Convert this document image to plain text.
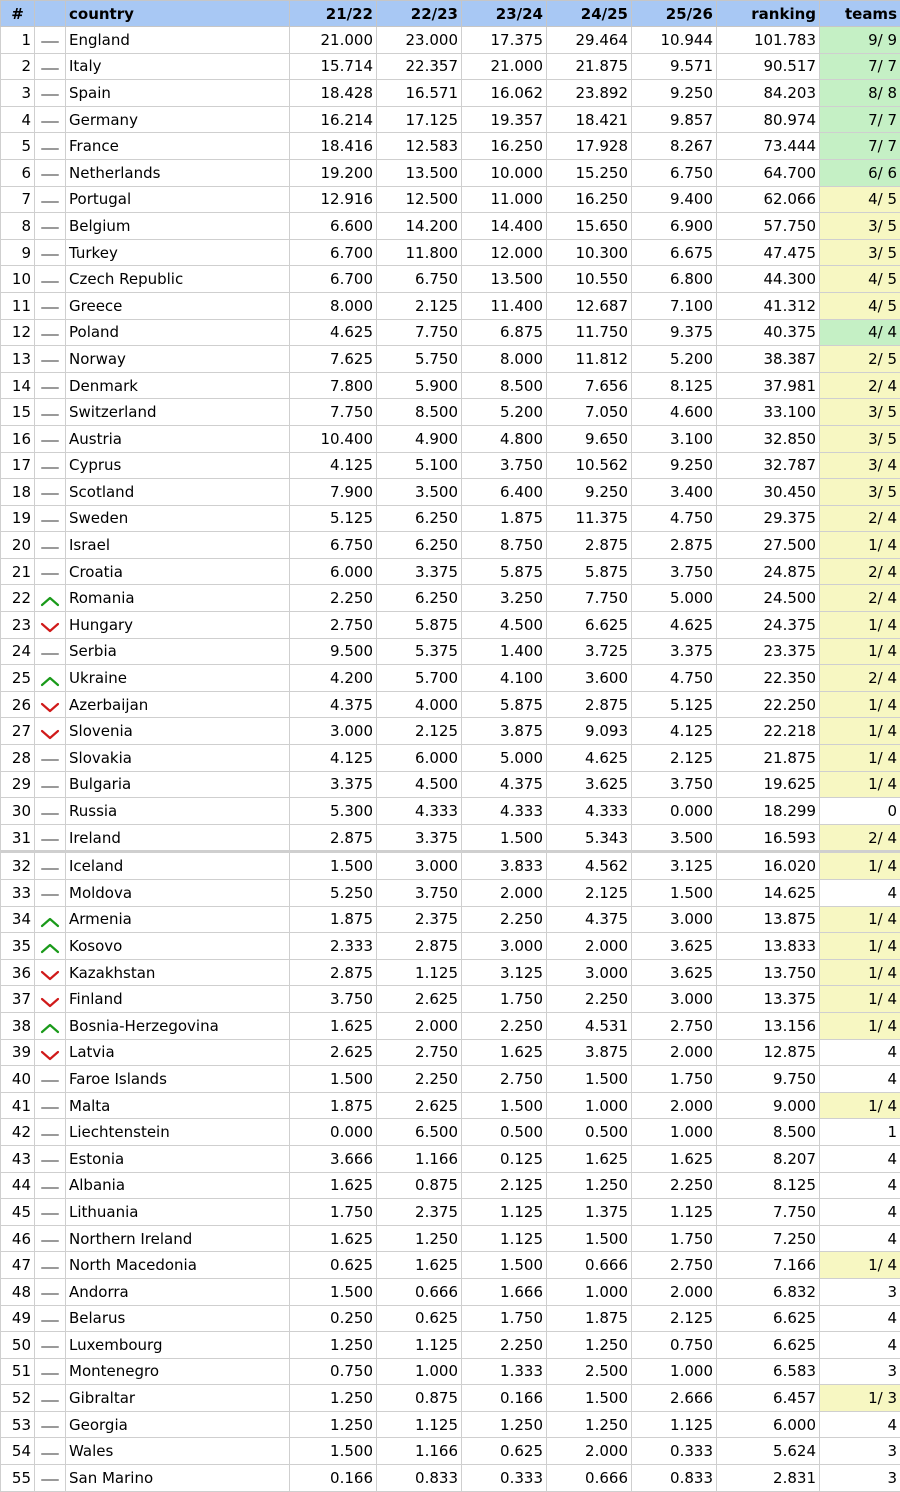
#		country	21/22	22/23	23/24	24/25	25/26	ranking	teams
1		England	21.000	23.000	17.375	29.464	10.944	101.783	9/ 9
2		Italy	15.714	22.357	21.000	21.875	9.571	90.517	7/ 7
3		Spain	18.428	16.571	16.062	23.892	9.250	84.203	8/ 8
4		Germany	16.214	17.125	19.357	18.421	9.857	80.974	7/ 7
5		France	18.416	12.583	16.250	17.928	8.267	73.444	7/ 7
6		Netherlands	19.200	13.500	10.000	15.250	6.750	64.700	6/ 6
7		Portugal	12.916	12.500	11.000	16.250	9.400	62.066	4/ 5
8		Belgium	6.600	14.200	14.400	15.650	6.900	57.750	3/ 5
9		Turkey	6.700	11.800	12.000	10.300	6.675	47.475	3/ 5
10		Czech Republic	6.700	6.750	13.500	10.550	6.800	44.300	4/ 5
11		Greece	8.000	2.125	11.400	12.687	7.100	41.312	4/ 5
12		Poland	4.625	7.750	6.875	11.750	9.375	40.375	4/ 4
13		Norway	7.625	5.750	8.000	11.812	5.200	38.387	2/ 5
14		Denmark	7.800	5.900	8.500	7.656	8.125	37.981	2/ 4
15		Switzerland	7.750	8.500	5.200	7.050	4.600	33.100	3/ 5
16		Austria	10.400	4.900	4.800	9.650	3.100	32.850	3/ 5
17		Cyprus	4.125	5.100	3.750	10.562	9.250	32.787	3/ 4
18		Scotland	7.900	3.500	6.400	9.250	3.400	30.450	3/ 5
19		Sweden	5.125	6.250	1.875	11.375	4.750	29.375	2/ 4
20		Israel	6.750	6.250	8.750	2.875	2.875	27.500	1/ 4
21		Croatia	6.000	3.375	5.875	5.875	3.750	24.875	2/ 4
22		Romania	2.250	6.250	3.250	7.750	5.000	24.500	2/ 4
23		Hungary	2.750	5.875	4.500	6.625	4.625	24.375	1/ 4
24		Serbia	9.500	5.375	1.400	3.725	3.375	23.375	1/ 4
25		Ukraine	4.200	5.700	4.100	3.600	4.750	22.350	2/ 4
26		Azerbaijan	4.375	4.000	5.875	2.875	5.125	22.250	1/ 4
27		Slovenia	3.000	2.125	3.875	9.093	4.125	22.218	1/ 4
28		Slovakia	4.125	6.000	5.000	4.625	2.125	21.875	1/ 4
29		Bulgaria	3.375	4.500	4.375	3.625	3.750	19.625	1/ 4
30		Russia	5.300	4.333	4.333	4.333	0.000	18.299	0
31		Ireland	2.875	3.375	1.500	5.343	3.500	16.593	2/ 4
32		Iceland	1.500	3.000	3.833	4.562	3.125	16.020	1/ 4
33		Moldova	5.250	3.750	2.000	2.125	1.500	14.625	4
34		Armenia	1.875	2.375	2.250	4.375	3.000	13.875	1/ 4
35		Kosovo	2.333	2.875	3.000	2.000	3.625	13.833	1/ 4
36		Kazakhstan	2.875	1.125	3.125	3.000	3.625	13.750	1/ 4
37		Finland	3.750	2.625	1.750	2.250	3.000	13.375	1/ 4
38		Bosnia-Herzegovina	1.625	2.000	2.250	4.531	2.750	13.156	1/ 4
39		Latvia	2.625	2.750	1.625	3.875	2.000	12.875	4
40		Faroe Islands	1.500	2.250	2.750	1.500	1.750	9.750	4
41		Malta	1.875	2.625	1.500	1.000	2.000	9.000	1/ 4
42		Liechtenstein	0.000	6.500	0.500	0.500	1.000	8.500	1
43		Estonia	3.666	1.166	0.125	1.625	1.625	8.207	4
44		Albania	1.625	0.875	2.125	1.250	2.250	8.125	4
45		Lithuania	1.750	2.375	1.125	1.375	1.125	7.750	4
46		Northern Ireland	1.625	1.250	1.125	1.500	1.750	7.250	4
47		North Macedonia	0.625	1.625	1.500	0.666	2.750	7.166	1/ 4
48		Andorra	1.500	0.666	1.666	1.000	2.000	6.832	3
49		Belarus	0.250	0.625	1.750	1.875	2.125	6.625	4
50		Luxembourg	1.250	1.125	2.250	1.250	0.750	6.625	4
51		Montenegro	0.750	1.000	1.333	2.500	1.000	6.583	3
52		Gibraltar	1.250	0.875	0.166	1.500	2.666	6.457	1/ 3
53		Georgia	1.250	1.125	1.250	1.250	1.125	6.000	4
54		Wales	1.500	1.166	0.625	2.000	0.333	5.624	3
55		San Marino	0.166	0.833	0.333	0.666	0.833	2.831	3
